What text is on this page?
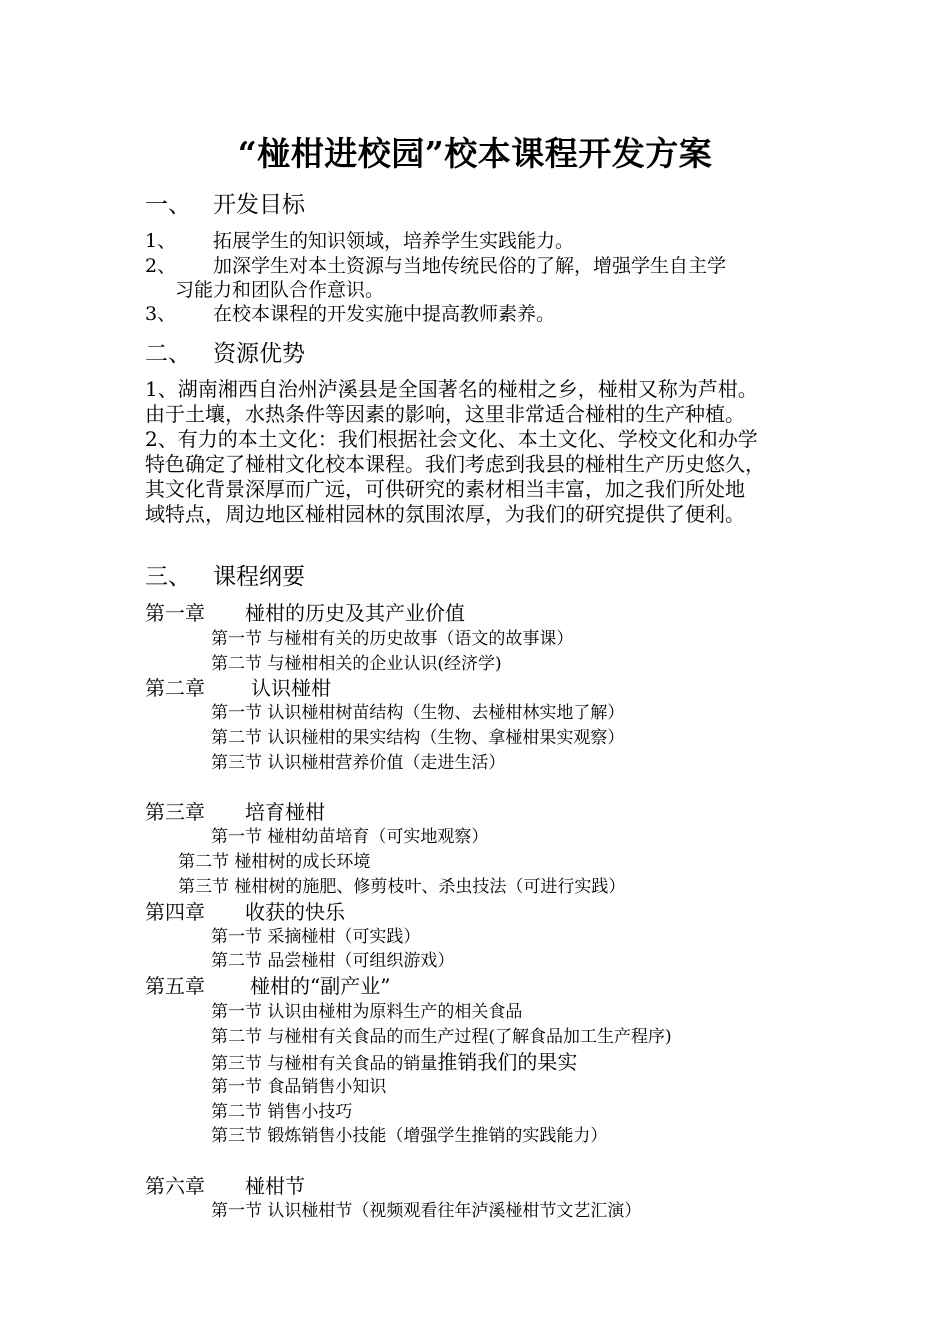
“椪柑进校园”校本课程开发方案
一、 开发目标
1、 拓展学生的知识领域，培养学生实践能力。
2、 加深学生对本土资源与当地传统民俗的了解，增强学生自主学
习能力和团队合作意识。
3、 在校本课程的开发实施中提高教师素养。
二、 资源优势
1、湖南湘西自治州泸溪县是全国著名的椪柑之乡，椪柑又称为芦柑。
由于土壤，水热条件等因素的影响，这里非常适合椪柑的生产种植。
2、有力的本土文化：我们根据社会文化、本土文化、学校文化和办学
特色确定了椪柑文化校本课程。我们考虑到我县的椪柑生产历史悠久，
其文化背景深厚而广远，可供研究的素材相当丰富，加之我们所处地
域特点，周边地区椪柑园林的氛围浓厚，为我们的研究提供了便利。
三、 课程纲要
第一章 椪柑的历史及其产业价值
第一节 与椪柑有关的历史故事（语文的故事课）
第二节 与椪柑相关的企业认识(经济学)
第二章 认识椪柑
第一节 认识椪柑树苗结构（生物、去椪柑林实地了解）
第二节 认识椪柑的果实结构（生物、拿椪柑果实观察）
第三节 认识椪柑营养价值（走进生活）
第三章 培育椪柑
第一节 椪柑幼苗培育（可实地观察）
第二节 椪柑树的成长环境
第三节 椪柑树的施肥、修剪枝叶、杀虫技法（可进行实践）
第四章 收获的快乐
第一节 采摘椪柑（可实践）
第二节 品尝椪柑（可组织游戏）
第五章 椪柑的“副产业”
第一节 认识由椪柑为原料生产的相关食品
第二节 与椪柑有关食品的而生产过程(了解食品加工生产程序)
第三节 与椪柑有关食品的销量推销我们的果实
第一节 食品销售小知识
第二节 销售小技巧
第三节 锻炼销售小技能（增强学生推销的实践能力）
第六章 椪柑节
第一节 认识椪柑节（视频观看往年泸溪椪柑节文艺汇演）
